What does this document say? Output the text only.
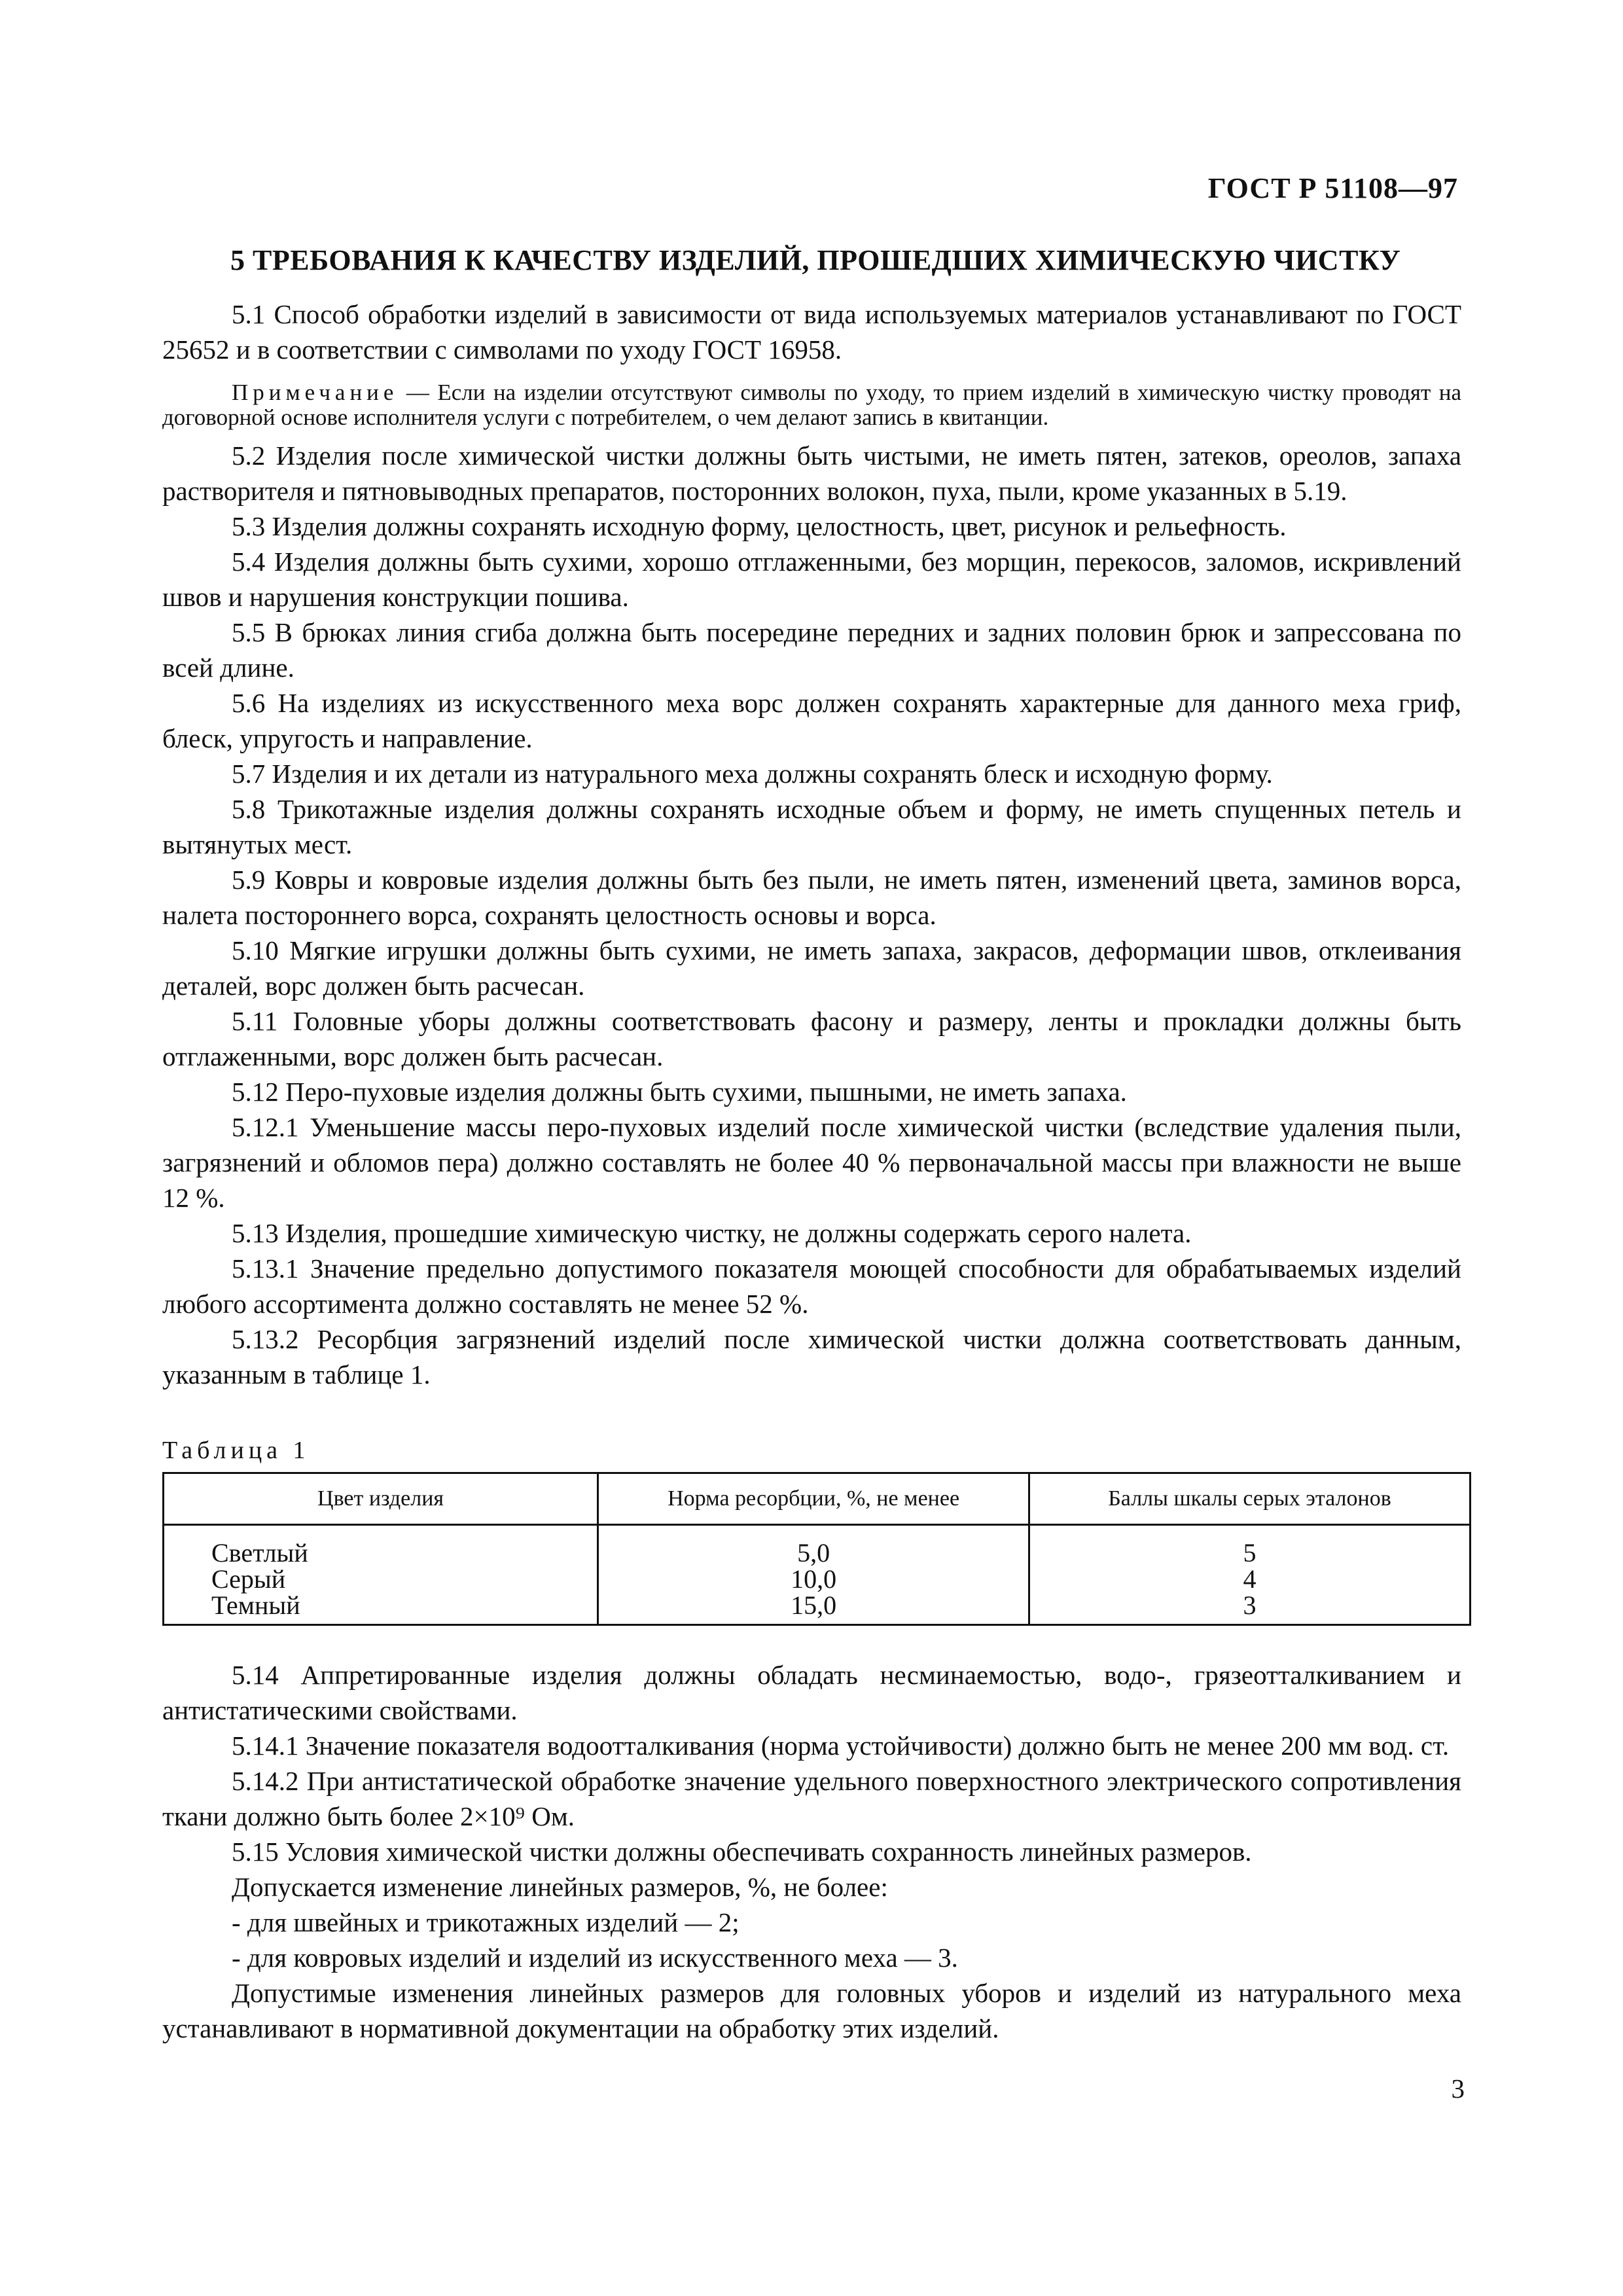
ГОСТ Р 51108—97
5 ТРЕБОВАНИЯ К КАЧЕСТВУ ИЗДЕЛИЙ, ПРОШЕДШИХ ХИМИЧЕСКУЮ ЧИСТКУ

5.1 Способ обработки изделий в зависимости от вида используемых материалов устанавливают по ГОСТ 25652 и в соответствии с символами по уходу ГОСТ 16958.

Примечание — Если на изделии отсутствуют символы по уходу, то прием изделий в химическую чистку проводят на договорной основе исполнителя услуги с потребителем, о чем делают запись в квитанции.

5.2 Изделия после химической чистки должны быть чистыми, не иметь пятен, затеков, ореолов, запаха растворителя и пятновыводных препаратов, посторонних волокон, пуха, пыли, кроме указанных в 5.19.

5.3 Изделия должны сохранять исходную форму, целостность, цвет, рисунок и рельефность.

5.4 Изделия должны быть сухими, хорошо отглаженными, без морщин, перекосов, заломов, искривлений швов и нарушения конструкции пошива.

5.5 В брюках линия сгиба должна быть посередине передних и задних половин брюк и запрессована по всей длине.

5.6 На изделиях из искусственного меха ворс должен сохранять характерные для данного меха гриф, блеск, упругость и направление.

5.7 Изделия и их детали из натурального меха должны сохранять блеск и исходную форму.

5.8 Трикотажные изделия должны сохранять исходные объем и форму, не иметь спущенных петель и вытянутых мест.

5.9 Ковры и ковровые изделия должны быть без пыли, не иметь пятен, изменений цвета, заминов ворса, налета постороннего ворса, сохранять целостность основы и ворса.

5.10 Мягкие игрушки должны быть сухими, не иметь запаха, закрасов, деформации швов, отклеивания деталей, ворс должен быть расчесан.

5.11 Головные уборы должны соответствовать фасону и размеру, ленты и прокладки должны быть отглаженными, ворс должен быть расчесан.

5.12 Перо-пуховые изделия должны быть сухими, пышными, не иметь запаха.

5.12.1 Уменьшение массы перо-пуховых изделий после химической чистки (вследствие удаления пыли, загрязнений и обломов пера) должно составлять не более 40 % первоначальной массы при влажности не выше 12 %.

5.13 Изделия, прошедшие химическую чистку, не должны содержать серого налета.

5.13.1 Значение предельно допустимого показателя моющей способности для обрабатываемых изделий любого ассортимента должно составлять не менее 52 %.

5.13.2 Ресорбция загрязнений изделий после химической чистки должна соответствовать данным, указанным в таблице 1.

Таблица 1

Цвет изделия	Норма ресорбции, %, не менее	Баллы шкалы серых эталонов
Светлый	5,0	5
Серый	10,0	4
Темный	15,0	3

5.14 Аппретированные изделия должны обладать несминаемостью, водо-, грязеотталкиванием и антистатическими свойствами.

5.14.1 Значение показателя водоотталкивания (норма устойчивости) должно быть не менее 200 мм вод. ст.

5.14.2 При антистатической обработке значение удельного поверхностного электрического сопротивления ткани должно быть более 2×10⁹ Ом.

5.15 Условия химической чистки должны обеспечивать сохранность линейных размеров.

Допускается изменение линейных размеров, %, не более:

- для швейных и трикотажных изделий — 2;

- для ковровых изделий и изделий из искусственного меха — 3.

Допустимые изменения линейных размеров для головных уборов и изделий из натурального меха устанавливают в нормативной документации на обработку этих изделий.

3
